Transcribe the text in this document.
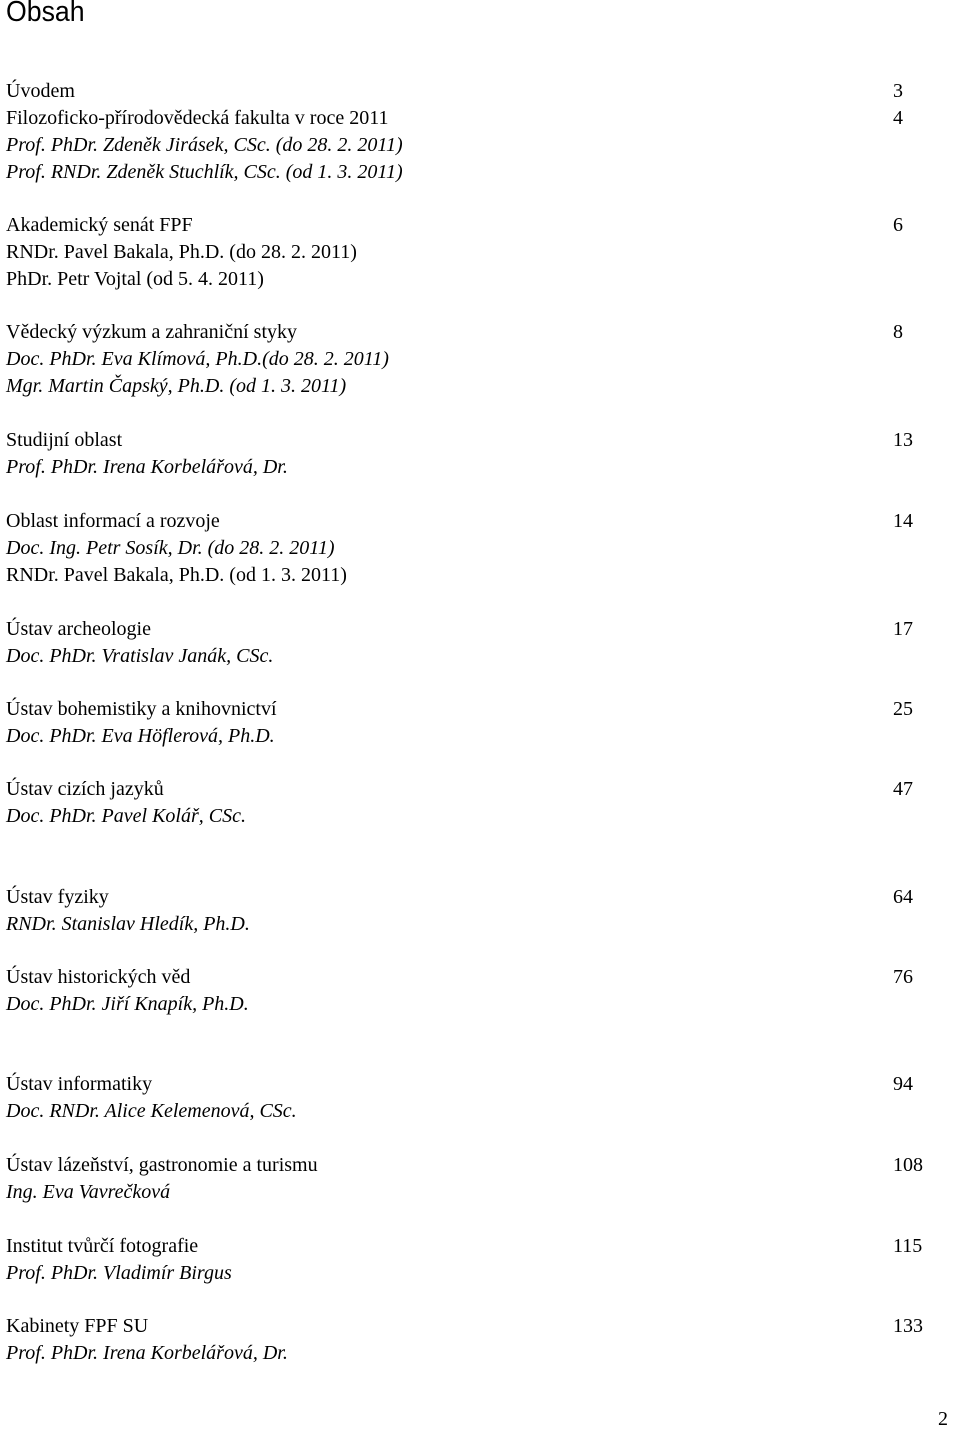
Obsah
Úvodem	3
Filozoficko-přírodovědecká fakulta v roce 2011	4
Prof. PhDr. Zdeněk Jirásek, CSc. (do 28. 2. 2011)
Prof. RNDr. Zdeněk Stuchlík, CSc. (od 1. 3. 2011)
Akademický senát FPF	6
RNDr. Pavel Bakala, Ph.D. (do 28. 2. 2011)
PhDr. Petr Vojtal (od 5. 4. 2011)
Vědecký výzkum a zahraniční styky	8
Doc. PhDr. Eva Klímová, Ph.D.(do 28. 2. 2011)
Mgr. Martin Čapský, Ph.D. (od 1. 3. 2011)
Studijní oblast	13
Prof. PhDr. Irena Korbelářová, Dr.
Oblast informací a rozvoje	14
Doc. Ing. Petr Sosík, Dr. (do 28. 2. 2011)
RNDr. Pavel Bakala, Ph.D. (od 1. 3. 2011)
Ústav archeologie	17
Doc. PhDr. Vratislav Janák, CSc.
Ústav bohemistiky a knihovnictví	25
Doc. PhDr. Eva Höflerová, Ph.D.
Ústav cizích jazyků	47
Doc. PhDr. Pavel Kolář, CSc.
Ústav fyziky	64
RNDr. Stanislav Hledík, Ph.D.
Ústav historických věd	76
Doc. PhDr. Jiří Knapík, Ph.D.
Ústav informatiky	94
Doc. RNDr. Alice Kelemenová, CSc.
Ústav lázeňství, gastronomie a turismu	108
Ing. Eva Vavrečková
Institut tvůrčí fotografie	115
Prof. PhDr. Vladimír Birgus
Kabinety FPF SU	133
Prof. PhDr. Irena Korbelářová, Dr.
2
